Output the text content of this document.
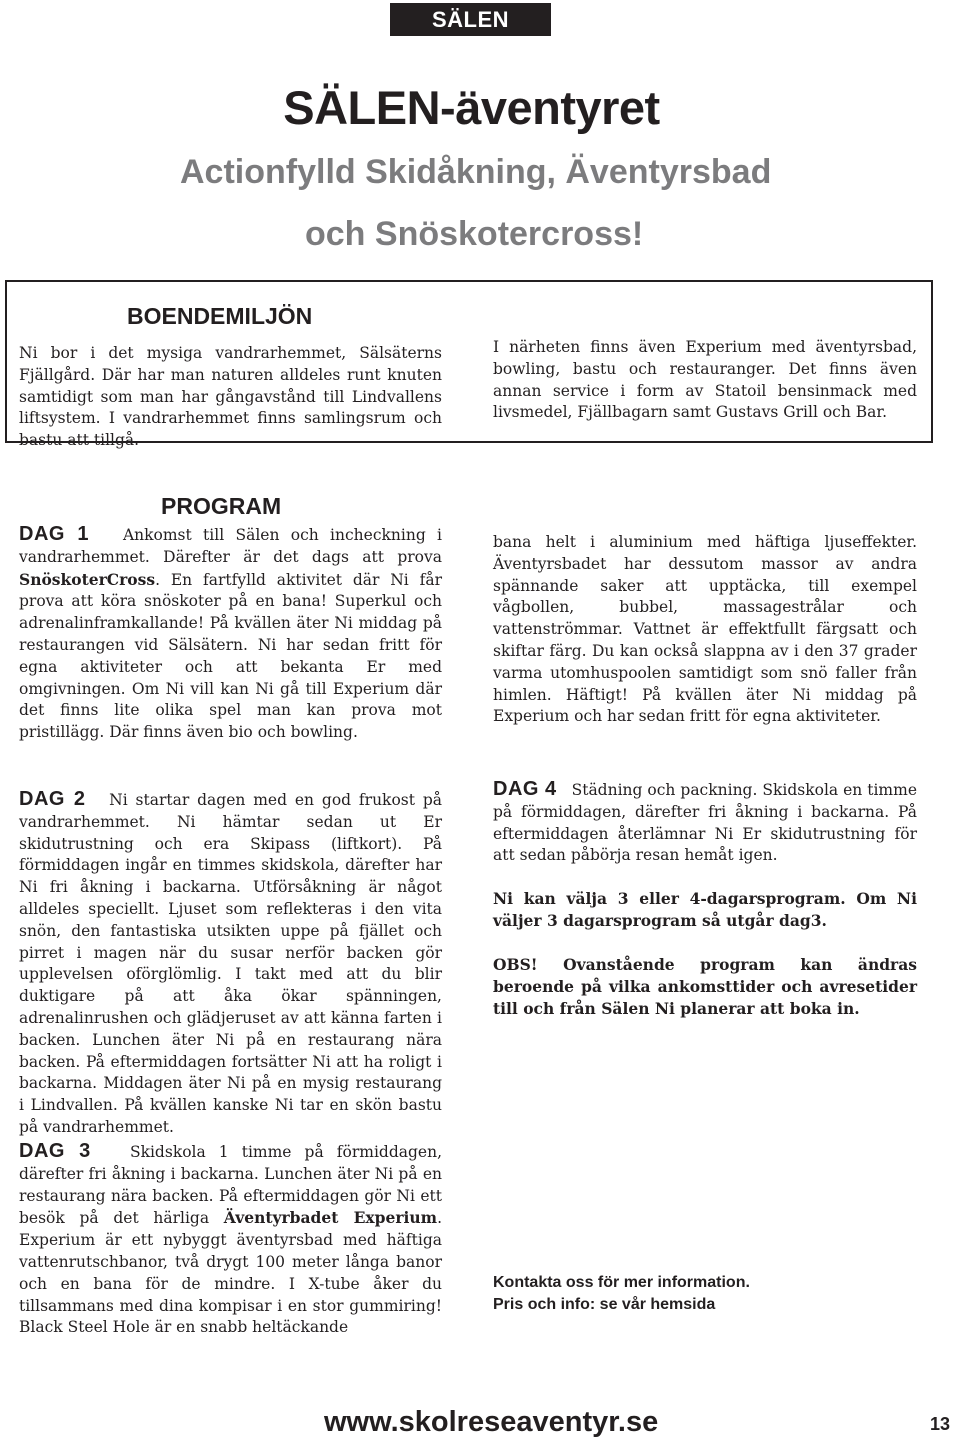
SÄLEN
SÄLEN-äventyret
Actionfylld Skidåkning, Äventyrsbad
och Snöskotercross!
BOENDEMILJÖN
Ni bor i det mysiga vandrarhemmet, Sälsäterns Fjällgård. Där har man naturen alldeles runt knuten samtidigt som man har gångavstånd till Lindvallens liftsystem. I vandrarhemmet finns samlingsrum och bastu att tillgå.
I närheten finns även Experium med äventyrsbad, bowling, bastu och restauranger. Det finns även annan service i form av Statoil bensinmack med livsmedel, Fjällbagarn samt Gustavs Grill och Bar.
PROGRAM
DAG 1 Ankomst till Sälen och incheckning i vandrarhemmet. Därefter är det dags att prova SnöskoterCross. En fartfylld aktivitet där Ni får prova att köra snöskoter på en bana! Superkul och adrenalinframkallande! På kvällen äter Ni middag på restaurangen vid Sälsätern. Ni har sedan fritt för egna aktiviteter och att bekanta Er med omgivningen. Om Ni vill kan Ni gå till Experium där det finns lite olika spel man kan prova mot pristillägg. Där finns även bio och bowling.
bana helt i aluminium med häftiga ljuseffekter. Äventyrsbadet har dessutom massor av andra spännande saker att upptäcka, till exempel vågbollen, bubbel, massagestrålar och vattenströmmar. Vattnet är effektfullt färgsatt och skiftar färg. Du kan också slappna av i den 37 grader varma utomhuspoolen samtidigt som snö faller från himlen. Häftigt! På kvällen äter Ni middag på Experium och har sedan fritt för egna aktiviteter.
DAG 2 Ni startar dagen med en god frukost på vandrarhemmet. Ni hämtar sedan ut Er skidutrustning och era Skipass (liftkort). På förmiddagen ingår en timmes skidskola, därefter har Ni fri åkning i backarna. Utförsåkning är något alldeles speciellt. Ljuset som reflekteras i den vita snön, den fantastiska utsikten uppe på fjället och pirret i magen när du susar nerför backen gör upplevelsen oförglömlig. I takt med att du blir duktigare på att åka ökar spänningen, adrenalinrushen och glädjeruset av att känna farten i backen. Lunchen äter Ni på en restaurang nära backen. På eftermiddagen fortsätter Ni att ha roligt i backarna. Middagen äter Ni på en mysig restaurang i Lindvallen. På kvällen kanske Ni tar en skön bastu på vandrarhemmet.
DAG 4 Städning och packning. Skidskola en timme på förmiddagen, därefter fri åkning i backarna. På eftermiddagen återlämnar Ni Er skidutrustning för att sedan påbörja resan hemåt igen.
Ni kan välja 3 eller 4-dagarsprogram. Om Ni väljer 3 dagarsprogram så utgår dag3.
OBS! Ovanstående program kan ändras beroende på vilka ankomsttider och avresetider till och från Sälen Ni planerar att boka in.
DAG 3	Skidskola 1 timme på förmiddagen, därefter fri åkning i backarna. Lunchen äter Ni på en restaurang nära backen. På eftermiddagen gör Ni ett besök på det härliga Äventyrbadet Experium. Experium är ett nybyggt äventyrsbad med häftiga vattenrutschbanor, två drygt 100 meter långa banor och en bana för de mindre. I X-tube åker du tillsammans med dina kompisar i en stor gummiring! Black Steel Hole är en snabb heltäckande
Kontakta oss för mer information.
Pris och info: se vår hemsida
www.skolreseaventyr.se	13
